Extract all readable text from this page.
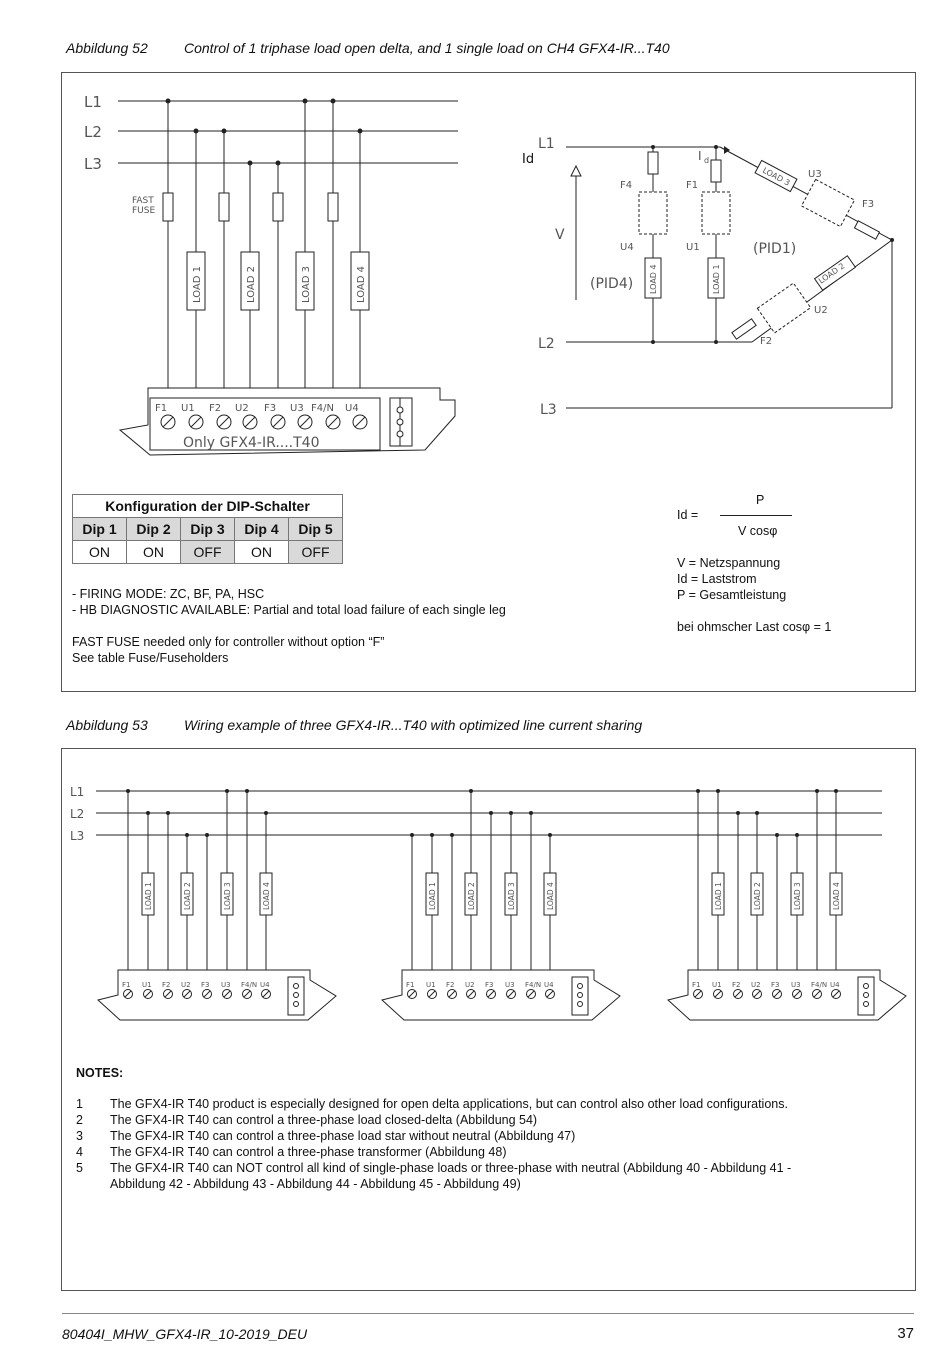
Abbildung 52	Control of 1 triphase load open delta, and 1 single load on CH4 GFX4-IR...T40
L1
L2
L3
FAST
FUSE
LOAD 1	LOAD 2	LOAD 3	LOAD 4
F1 U1 F2 U2 F3 U3 F4/N U4
Only GFX4-IR....T40
L1
L2
L3
V
(PID4)
(PID1)
Id	I d
F4	F1
F3
F2
U4	U1
U3
U2
LOAD 4	LOAD 1
LOAD 3
LOAD 2
Konfiguration der DIP-Schalter				
Dip 1	Dip 2	Dip 3	Dip 4	Dip 5
ON	ON	OFF	ON	OFF
- FIRING MODE: ZC, BF, PA, HSC
- HB DIAGNOSTIC AVAILABLE: Partial and total load failure of each single leg
FAST FUSE needed only for controller without option “F”
See table Fuse/Fuseholders
Id =
P
V cosφ
V = Netzspannung
Id = Laststrom
P = Gesamtleistung
bei ohmscher Last cosφ = 1
Abbildung 53	Wiring example of three GFX4-IR...T40 with optimized line current sharing
L1
L2
L3
LOAD 1	LOAD 2	LOAD 3	LOAD 4
F1 U1 F2 U2 F3 U3 F4/N U4
LOAD 1	LOAD 2	LOAD 3	LOAD 4
F1 U1 F2 U2 F3 U3 F4/N U4
LOAD 1	LOAD 2	LOAD 3	LOAD 4
F1 U1 F2 U2 F3 U3 F4/N U4
NOTES:
1	The GFX4-IR T40 product is especially designed for open delta applications, but can control also other load configurations.
2	The GFX4-IR T40 can control a three-phase load closed-delta (Abbildung 54)
3	The GFX4-IR T40 can control a three-phase load star without neutral (Abbildung 47)
4	The GFX4-IR T40 can control a three-phase transformer (Abbildung 48)
5	The GFX4-IR T40 can NOT control all kind of single-phase loads or three-phase with neutral (Abbildung 40 - Abbildung 41 -
Abbildung 42 - Abbildung 43 - Abbildung 44 - Abbildung 45 - Abbildung 49)
80404I_MHW_GFX4-IR_10-2019_DEU	37
